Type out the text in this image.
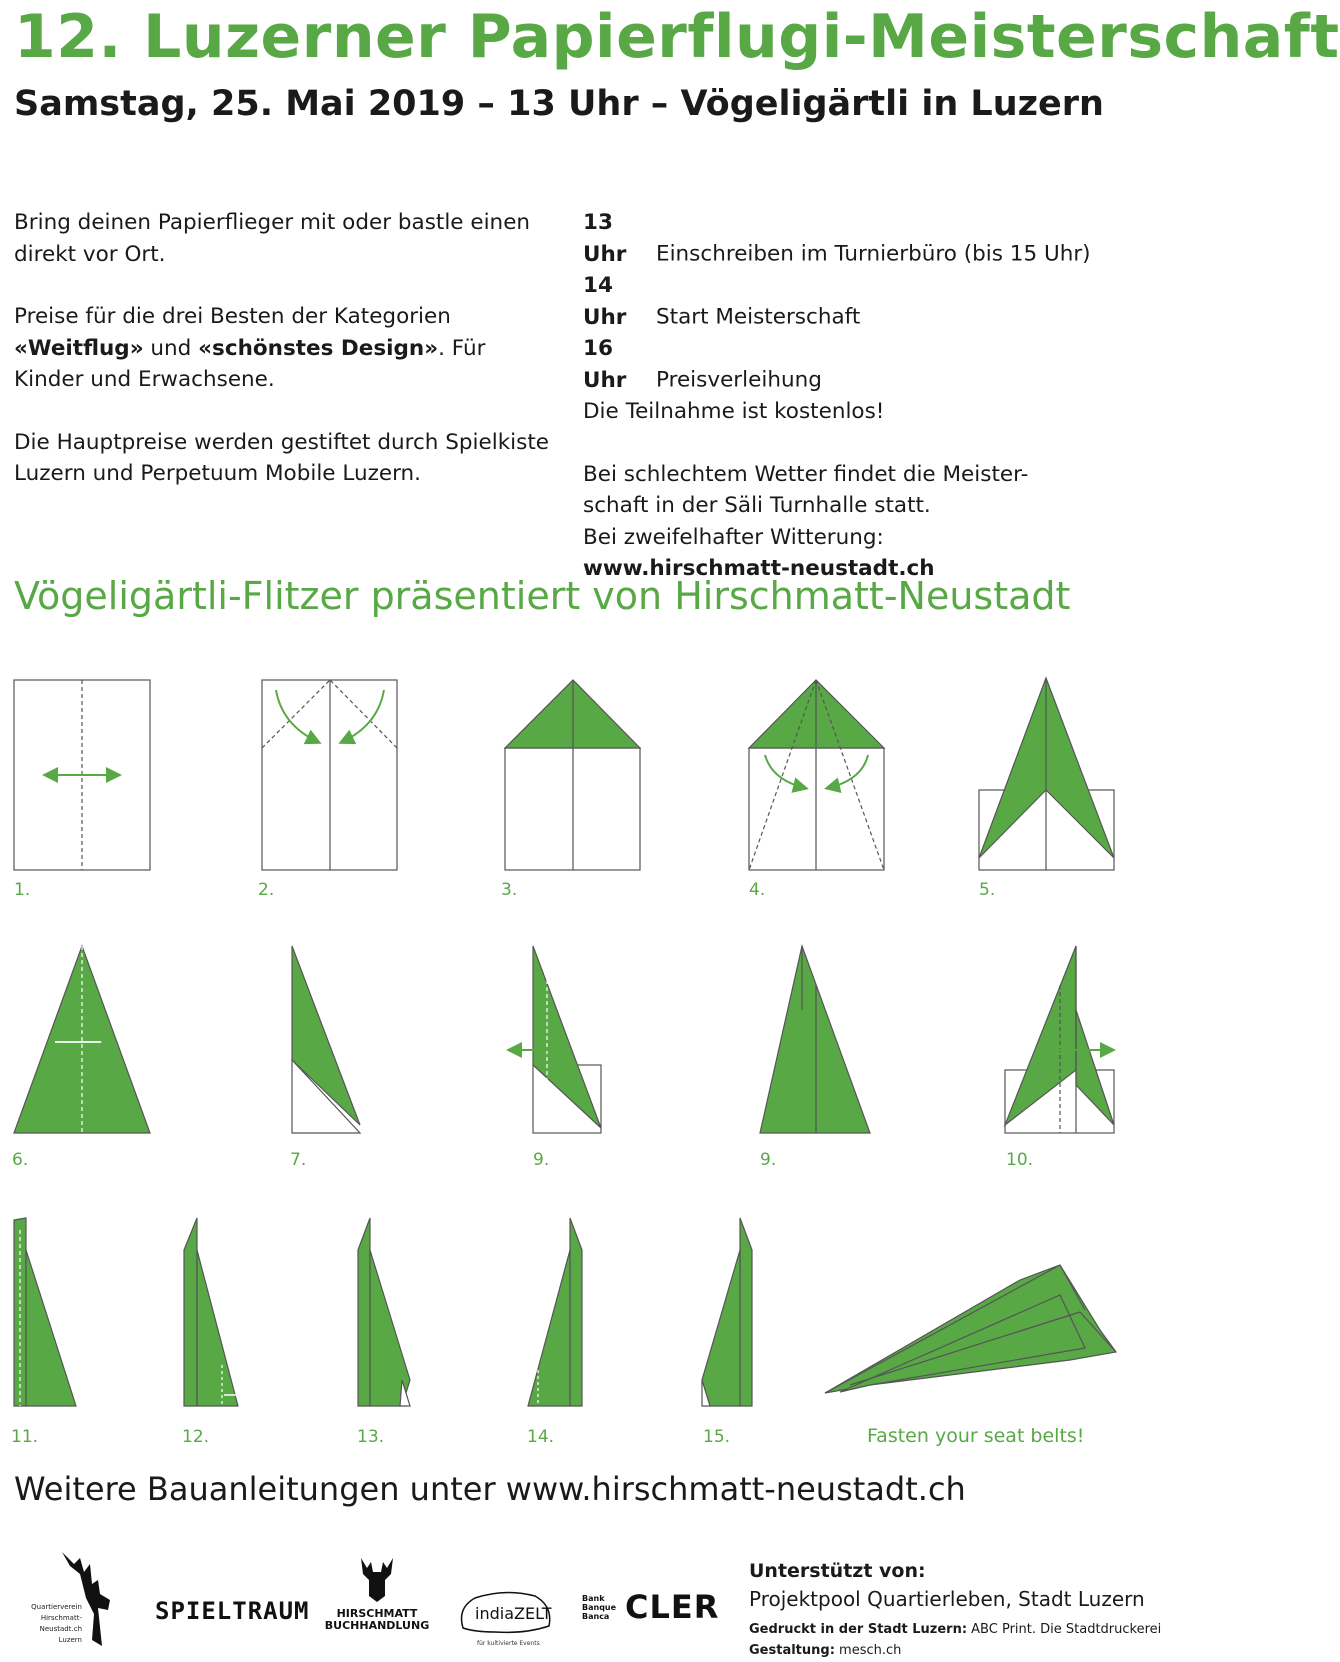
12. Luzerner Papierflugi-Meisterschaft
Samstag, 25. Mai 2019 – 13 Uhr – Vögeligärtli in Luzern

Bring deinen Papierflieger mit oder bastle einen direkt vor Ort.

Preise für die drei Besten der Kategorien «Weitflug» und «schönstes Design». Für Kinder und Erwachsene.

Die Hauptpreise werden gestiftet durch Spielkiste Luzern und Perpetuum Mobile Luzern.

13 Uhr Einschreiben im Turnierbüro (bis 15 Uhr)

14 Uhr Start Meisterschaft

16 Uhr Preisverleihung

Die Teilnahme ist kostenlos!

Bei schlechtem Wetter findet die Meister-

schaft in der Säli Turnhalle statt.

Bei zweifelhafter Witterung:

www.hirschmatt-neustadt.ch

Vögeligärtli-Flitzer präsentiert von Hirschmatt-Neustadt
1.	2.	3.	4.	5.
6.	7.	9.	9.	10.
11.	12.	13.	14.	15.	Fasten your seat belts!
Weitere Bauanleitungen unter www.hirschmatt-neustadt.ch
Quartierverein
Hirschmatt-Neustadt.ch
Luzern
SPIELTRAUM	HIRSCHMATT
BUCHHANDLUNG
indiaZELT
für kultivierte Events
Bank
Banque
Banca CLER
Unterstützt von:
Projektpool Quartierleben, Stadt Luzern
Gedruckt in der Stadt Luzern: ABC Print. Die Stadtdruckerei
Gestaltung: mesch.ch
